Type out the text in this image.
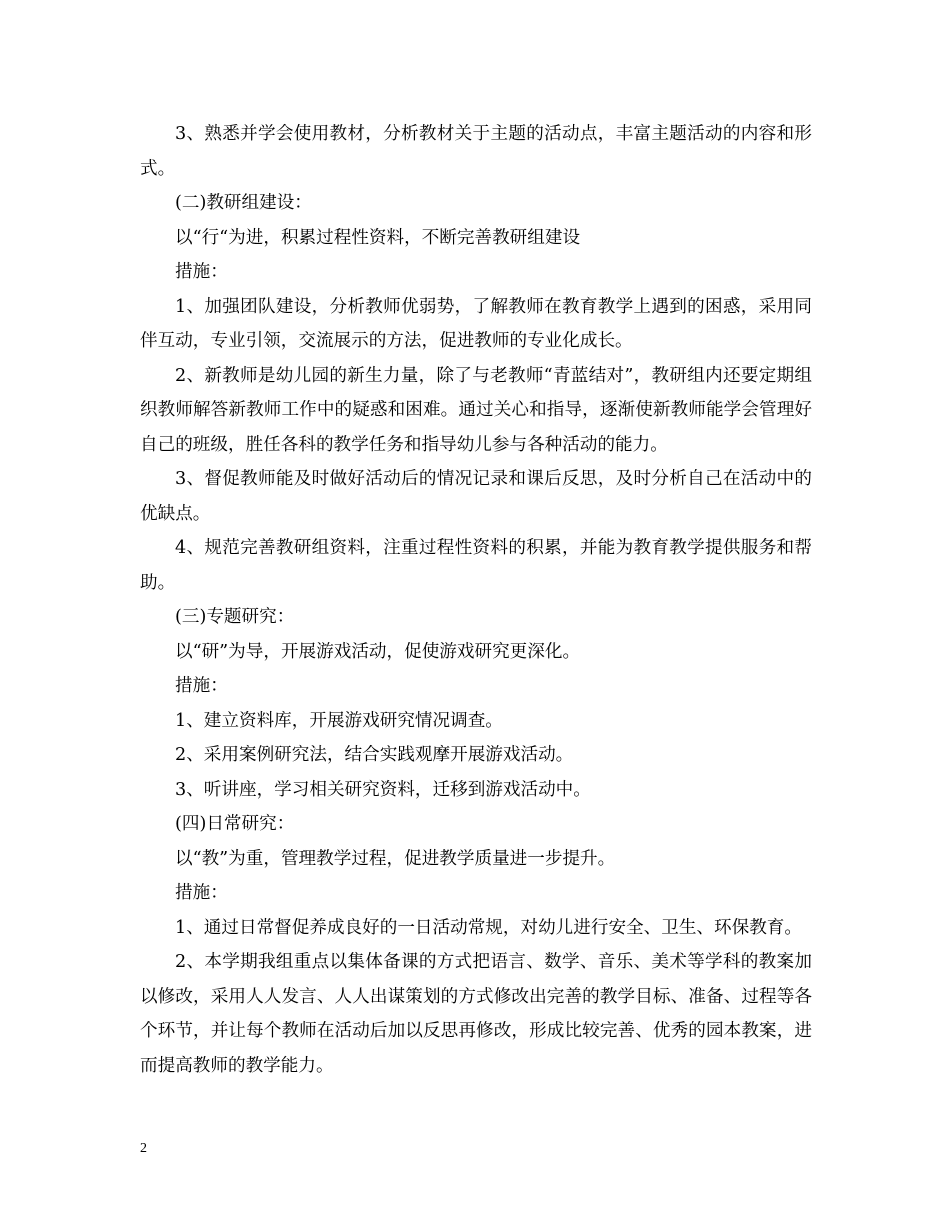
3、熟悉并学会使用教材，分析教材关于主题的活动点，丰富主题活动的内容和形式。

(二)教研组建设：

以“行“为进，积累过程性资料，不断完善教研组建设

措施：

1、加强团队建设，分析教师优弱势，了解教师在教育教学上遇到的困惑，采用同伴互动，专业引领，交流展示的方法，促进教师的专业化成长。

2、新教师是幼儿园的新生力量，除了与老教师“青蓝结对”，教研组内还要定期组织教师解答新教师工作中的疑惑和困难。通过关心和指导，逐渐使新教师能学会管理好自己的班级，胜任各科的教学任务和指导幼儿参与各种活动的能力。

3、督促教师能及时做好活动后的情况记录和课后反思，及时分析自己在活动中的优缺点。

4、规范完善教研组资料，注重过程性资料的积累，并能为教育教学提供服务和帮助。

(三)专题研究：

以“研”为导，开展游戏活动，促使游戏研究更深化。

措施：

1、建立资料库，开展游戏研究情况调查。

2、采用案例研究法，结合实践观摩开展游戏活动。

3、听讲座，学习相关研究资料，迁移到游戏活动中。

(四)日常研究：

以“教”为重，管理教学过程，促进教学质量进一步提升。

措施：

1、通过日常督促养成良好的一日活动常规，对幼儿进行安全、卫生、环保教育。

2、本学期我组重点以集体备课的方式把语言、数学、音乐、美术等学科的教案加以修改，采用人人发言、人人出谋策划的方式修改出完善的教学目标、准备、过程等各个环节，并让每个教师在活动后加以反思再修改，形成比较完善、优秀的园本教案，进而提高教师的教学能力。

2
